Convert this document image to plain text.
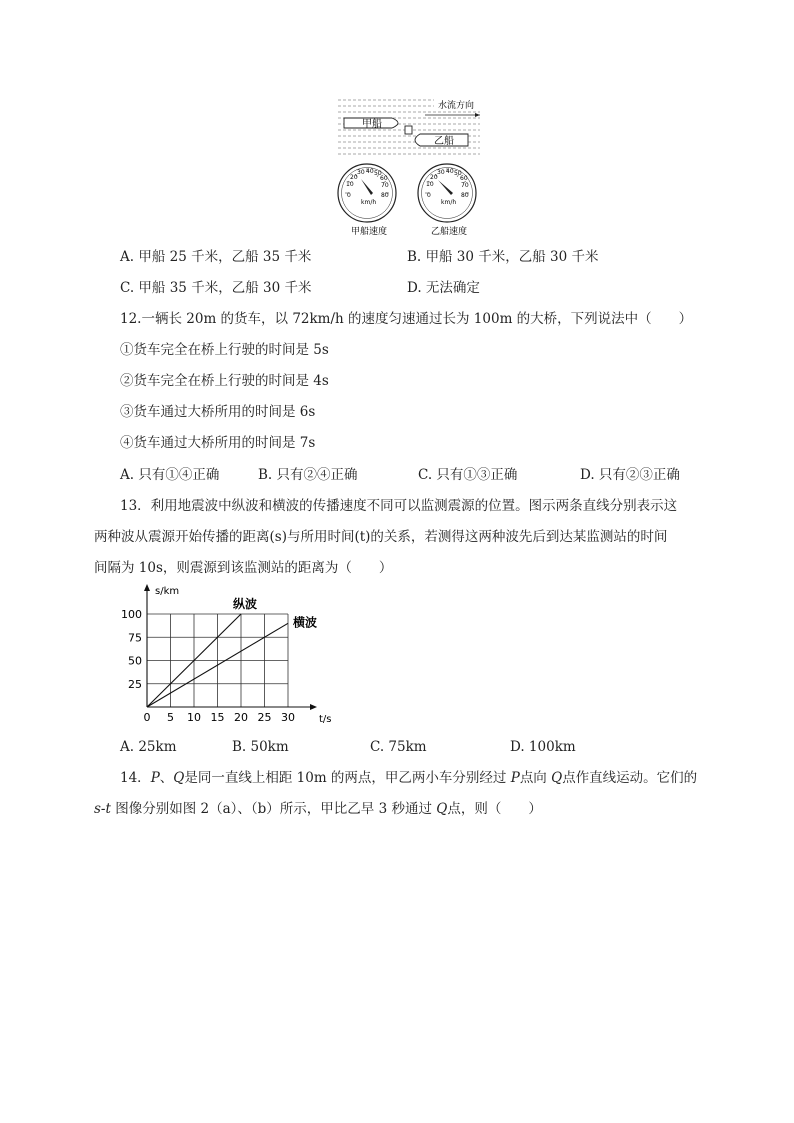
水流方向
甲船
乙船
0
10
20
30 40 50
60
70
80
km/h
甲船速度
0
10
20
30 40 50
60
70
80
km/h
乙船速度
A. 甲船 25 千米，乙船 35 千米	B. 甲船 30 千米，乙船 30 千米
C. 甲船 35 千米，乙船 30 千米	D. 无法确定
12.一辆长 20m 的货车，以 72km/h 的速度匀速通过长为 100m 的大桥，下列说法中（　　）
①货车完全在桥上行驶的时间是 5s
②货车完全在桥上行驶的时间是 4s
③货车通过大桥所用的时间是 6s
④货车通过大桥所用的时间是 7s
A. 只有①④正确	B. 只有②④正确	C. 只有①③正确	D. 只有②③正确
13．利用地震波中纵波和横波的传播速度不同可以监测震源的位置。图示两条直线分别表示这
两种波从震源开始传播的距离(s)与所用时间(t)的关系，若测得这两种波先后到达某监测站的时间
间隔为 10s，则震源到该监测站的距离为（　　）
0 5 10 15 20 25 30
25
50
75
100
s/km
t/s
纵波
横波
A. 25km	B. 50km	C. 75km	D. 100km
14．P、Q是同一直线上相距 10m 的两点，甲乙两小车分别经过 P点向 Q点作直线运动。它们的
s-t 图像分别如图 2（a）、（b）所示，甲比乙早 3 秒通过 Q点，则（　　）
